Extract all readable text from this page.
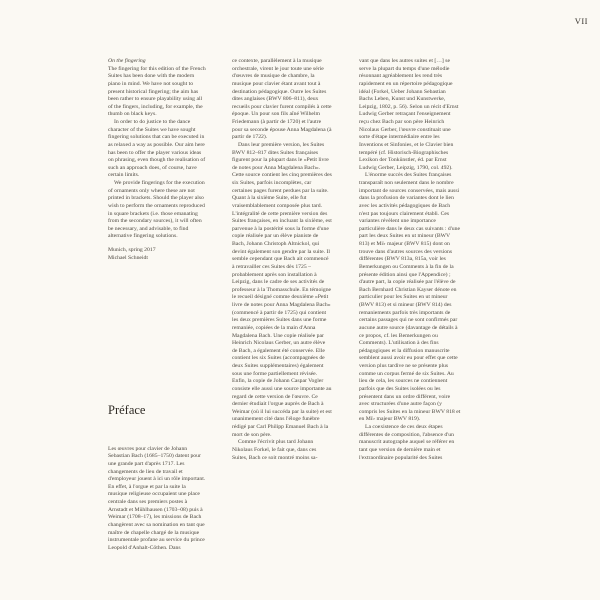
VII

On the fingering

The fingering for this edition of the French Suites has been done with the modern piano in mind. We have not sought to present historical fingering; the aim has been rather to ensure playability using all of the fingers, including, for example, the thumb on black keys.

In order to do justice to the dance character of the Suites we have sought fingering solutions that can be executed in as relaxed a way as possible. Our aim here has been to offer the player various ideas on phrasing, even though the realisation of such an approach does, of course, have certain limits.

We provide fingerings for the execution of ornaments only where these are not printed in brackets. Should the player also wish to perform the ornaments reproduced in square brackets (i.e. those emanating from the secondary sources), it will often be necessary, and advisable, to find alternative fingering solutions.

Munich, spring 2017

Michael Schneidt

Préface

Les œuvres pour clavier de Johann Sebastian Bach (1685–1750) datent pour une grande part d'après 1717. Les changements de lieu de travail et d'employeur jouent à ici un rôle important. En effet, à l'orgue et par la suite la musique religieuse occupaient une place centrale dans ses premiers postes à Arnstadt et Mühlhausen (1703–08) puis à Weimar (1708–17), les missions de Bach changèrent avec sa nomination en tant que maître de chapelle chargé de la musique instrumentale profane au service du prince Leopold d'Anhalt-Cöthen. Dans

ce contexte, parallèlement à la musique orchestrale, virent le jour toute une série d'œuvres de musique de chambre, la musique pour clavier étant avant tout à destination pédagogique. Outre les Suites dites anglaises (BWV 806–811), deux recueils pour clavier furent compilés à cette époque. Un pour son fils aîné Wilhelm Friedemann (à partir de 1720) et l'autre pour sa seconde épouse Anna Magdalena (à partir de 1722).

Dans leur première version, les Suites BWV 812–817 dites Suites françaises figurent pour la plupart dans le «Petit livre de notes pour Anna Magdalena Bach». Cette source contient les cinq premières des six Suites, parfois incomplètes, car certaines pages furent perdues par la suite. Quant à la sixième Suite, elle fut vraisemblablement composée plus tard. L'intégralité de cette première version des Suites françaises, en incluant la sixième, est parvenue à la postérité sous la forme d'une copie réalisée par un élève pianiste de Bach, Johann Christoph Altnickol, qui devint également son gendre par la suite. Il semble cependant que Bach ait commencé à retravailler ces Suites dès 1725 – probablement après son installation à Leipzig, dans le cadre de ses activités de professeur à la Thomasschule. En témoigne le recueil désigné comme deuxième «Petit livre de notes pour Anna Magdalena Bach» (commencé à partir de 1725) qui contient les deux premières Suites dans une forme remaniée, copiées de la main d'Anna Magdalena Bach. Une copie réalisée par Heinrich Nicolaus Gerber, un autre élève de Bach, a également été conservée. Elle contient les six Suites (accompagnées de deux Suites supplémentaires) également sous une forme partiellement révisée. Enfin, la copie de Johann Caspar Vogler consiste elle aussi une source importante au regard de cette version de l'œuvre. Ce dernier étudiait l'orgue auprès de Bach à Weimar (où il lui succéda par la suite) et est unanimement cité dans l'éloge funèbre rédigé par Carl Philipp Emanuel Bach à la mort de son père.

Comme l'écrivit plus tard Johann Nikolaus Forkel, le fait que, dans ces Suites, Bach ce soit montré moins sa-

vant que dans les autres suites et […] se serve la plupart du temps d'une mélodie résonnant agréablement les rend très rapidement en un répertoire pédagogique idéal (Forkel, Ueber Johann Sebastian Bachs Leben, Kunst und Kunstwerke, Leipzig, 1802, p. 56). Selon un récit d'Ernst Ludwig Gerber retraçant l'enseignement reçu chez Bach par son père Heinrich Nicolaus Gerber, l'œuvre constituait une sorte d'étape intermédiaire entre les Inventions et Sinfonies, et le Clavier bien tempéré (cf. Historisch-Biographisches Lexikon der Tonkünstler, éd. par Ernst Ludwig Gerber, Leipzig, 1790, col. 492).

L'énorme succès des Suites françaises transparaît non seulement dans le nombre important de sources conservées, mais aussi dans la profusion de variantes dont le lien avec les activités pédagogiques de Bach n'est pas toujours clairement établi. Ces variantes révèlent une importance particulière dans le deux cas suivants : d'une part les deux Suites en ut mineur (BWV 813) et Mi♭ majeur (BWV 815) dont on trouve dans d'autres sources des versions différentes (BWV 813a, 815a, voir les Bemerkungen ou Comments à la fin de la présente édition ainsi que l'Appendice) ; d'autre part, la copie réalisée par l'élève de Bach Bernhard Christian Kayser dénote en particulier pour les Suites en ut mineur (BWV 813) et si mineur (BWV 814) des remaniements parfois très importants de certains passages qui ne sont confirmés par aucune autre source (davantage de détails à ce propos, cf. les Bemerkungen ou Comments). L'utilisation à des fins pédagogiques et la diffusion manuscrite semblent aussi avoir eu pour effet que cette version plus tardive ne se présente plus comme un corpus fermé de six Suites. Au lieu de cela, les sources ne contiennent parfois que des Suites isolées ou les présentent dans un ordre différent, voire avec structurées d'une autre façon (y compris les Suites en la mineur BWV 818 et en Mi♭ majeur BWV 819).

La coexistence de ces deux étapes différentes de composition, l'absence d'un manuscrit autographe auquel se référer en tant que version de dernière main et l'extraordinaire popularité des Suites
